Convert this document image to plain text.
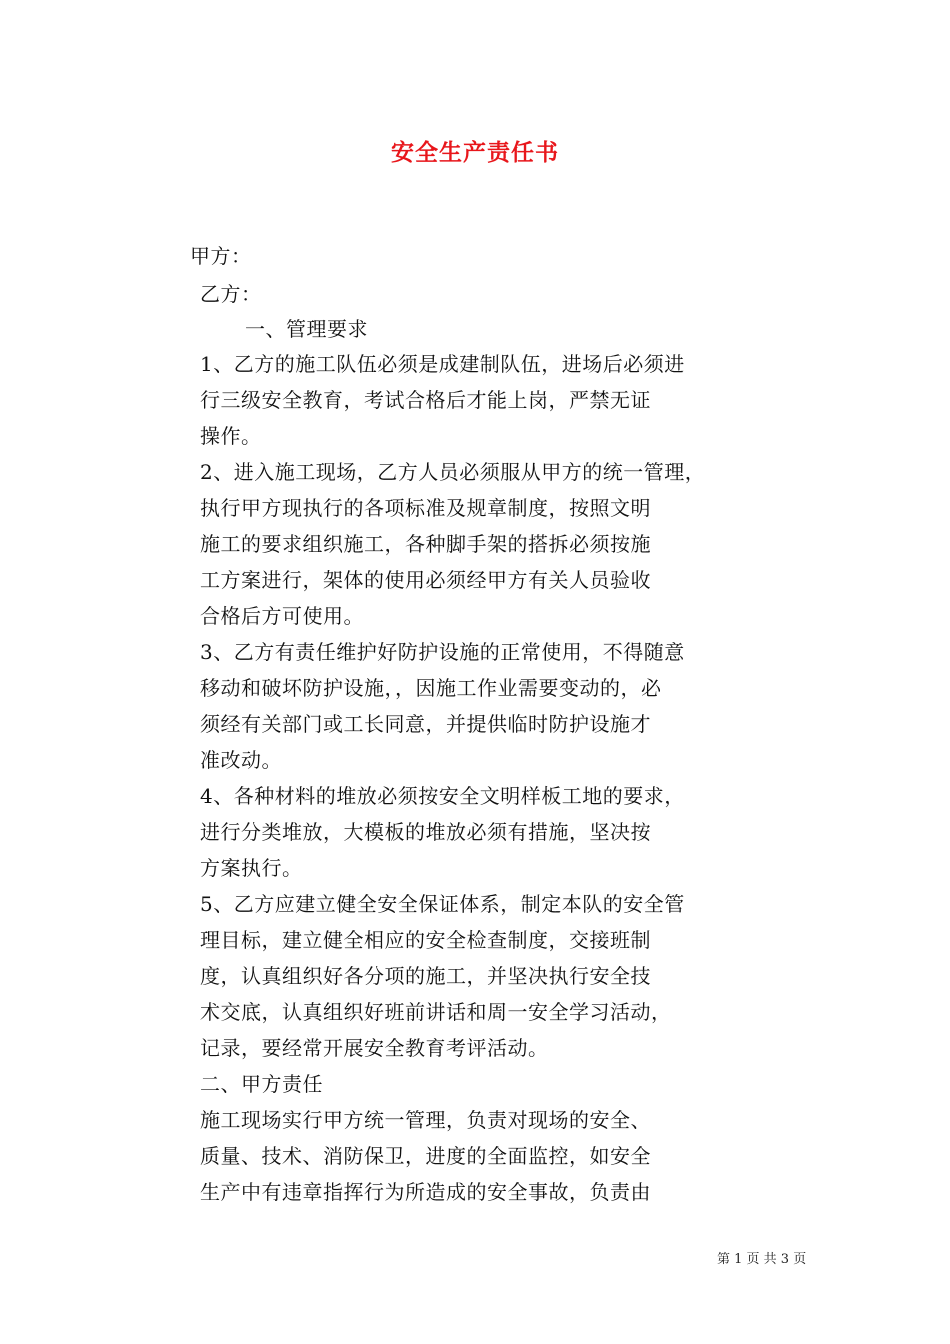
安全生产责任书
甲方：
乙方：
一、管理要求
1、乙方的施工队伍必须是成建制队伍，进场后必须进
行三级安全教育，考试合格后才能上岗，严禁无证
操作。
2、进入施工现场，乙方人员必须服从甲方的统一管理，
执行甲方现执行的各项标准及规章制度，按照文明
施工的要求组织施工，各种脚手架的搭拆必须按施
工方案进行，架体的使用必须经甲方有关人员验收
合格后方可使用。
3、乙方有责任维护好防护设施的正常使用，不得随意
移动和破坏防护设施，，因施工作业需要变动的，必
须经有关部门或工长同意，并提供临时防护设施才
准改动。
4、各种材料的堆放必须按安全文明样板工地的要求，
进行分类堆放，大模板的堆放必须有措施，坚决按
方案执行。
5、乙方应建立健全安全保证体系，制定本队的安全管
理目标，建立健全相应的安全检查制度，交接班制
度，认真组织好各分项的施工，并坚决执行安全技
术交底，认真组织好班前讲话和周一安全学习活动，
记录，要经常开展安全教育考评活动。
二、甲方责任
施工现场实行甲方统一管理，负责对现场的安全、
质量、技术、消防保卫，进度的全面监控，如安全
生产中有违章指挥行为所造成的安全事故，负责由
第 1 页 共 3 页
